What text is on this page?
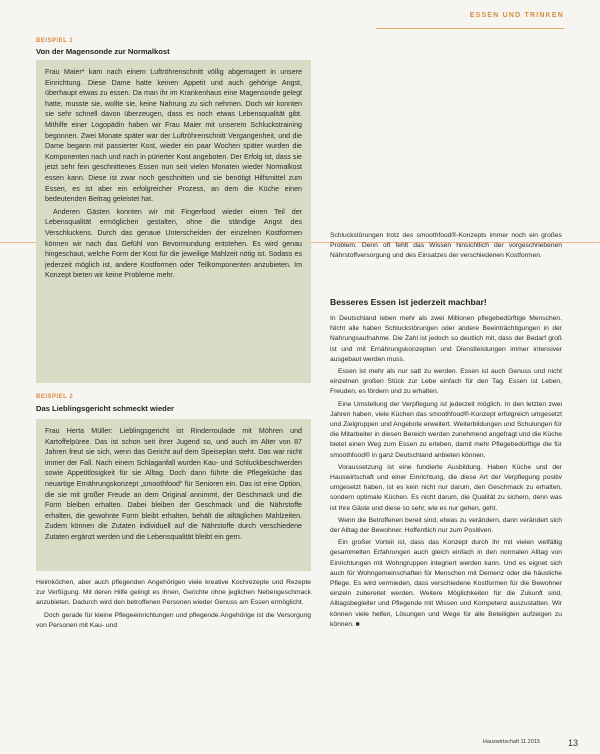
ESSEN UND TRINKEN
BEISPIEL 1
Von der Magensonde zur Normalkost

Frau Maier* kam nach einem Luftröhrenschnitt völlig abgemagert in unsere Einrichtung. Diese Dame hatte keinen Appetit und auch gehörige Angst, überhaupt etwas zu essen. Da man ihr im Krankenhaus eine Magensonde gelegt hatte, musste sie, wollte sie, keine Nahrung zu sich nehmen. Doch wir konnten sie sehr schnell davon überzeugen, dass es noch etwas Lebensqualität gibt. Mithilfe einer Logopädin haben wir Frau Maier mit unserem Schluckstraining begonnen. Zwei Monate später war der Luftröhrenschnitt Vergangenheit, und die Dame begann mit passierter Kost, wieder ein paar Wochen später wurden die Komponenten nach und nach in pürierter Kost angeboten. Der Erfolg ist, dass sie jetzt sehr fein geschnittenes Essen nun seit vielen Monaten wieder Normalkost essen kann. Diese ist zwar noch geschnitten und sie benötigt Hilfsmittel zum Essen, es ist aber ein erfolgreicher Prozess, an dem die Küche einen bedeutenden Beitrag geleistet hat.

Anderen Gästen konnten wir mit Fingerfood wieder einen Teil der Lebensqualität ermöglichen gestalten, ohne die ständige Angst des Verschluckens. Durch das genaue Unterscheiden der einzelnen Kostformen können wir nach das Gefühl von Bevormundung entstehen. Es wird genau hingeschaut, welche Form der Kost für die jeweilige Mahlzeit nötig ist. Sodass es jederzeit möglich ist, andere Kostformen oder Teilkomponenten anzubieten. Im Konzept bieten wir keine Probleme mehr.

BEISPIEL 2
Das Lieblingsgericht schmeckt wieder

Frau Herta Müller: Lieblingsgericht ist Rinderroulade mit Möhren und Kartoffelpüree. Das ist schon seit ihrer Jugend so, und auch im Alter von 87 Jahren freut sie sich, wenn das Gericht auf dem Speiseplan steht. Das war nicht immer der Fall. Nach einem Schlaganfall wurden Kau- und Schluckbeschwerden sowie Appetitlosigkeit für sie Alltag. Doch dann führte die Pflegeküche das neuartige Ernährungskonzept „smoothfood“ für Senioren ein. Das ist eine Option, die sie mit großer Freude an dem Original annimmt, der Geschmack und die Form bleiben erhalten. Dabei bleiben der Geschmack und die Nährstoffe erhalten, die gewohnte Form bleibt erhalten, behält die alltäglichen Mahlzeiten. Zudem können die Zutaten individuell auf die Nährstoffe durch verschiedene Zutaten ergänzt werden und die Lebensqualität bleibt ein gern.

Heimköchen, aber auch pflegenden Angehörigen viele kreative Kochrezepte und Rezepte zur Verfügung. Mit deren Hilfe gelingt es ihnen, Gerichte ohne jeglichen Nebengeschmack anzubieten. Dadurch wird den betroffenen Personen wieder Genuss am Essen ermöglicht.

Doch gerade für kleine Pflegeeinrichtungen und pflegende Angehörige ist die Versorgung von Personen mit Kau- und

Schluckstörungen trotz des smoothfood®-Konzepts immer noch ein großes Problem. Denn oft fehlt das Wissen hinsichtlich der vorgeschriebenen Nährstoffversorgung und des Einsatzes der verschiedenen Kostformen.

Besseres Essen ist jederzeit machbar!

In Deutschland leben mehr als zwei Millionen pflegebedürftige Menschen. Nicht alle haben Schluckstörungen oder andere Beeinträchtigungen in der Nahrungsaufnahme. Die Zahl ist jedoch so deutlich mit, dass der Bedarf groß ist und mit Ernährungskonzepten und Dienstleistungen immer intensiver ausgebaut werden muss.

Essen ist mehr als nur satt zu werden. Essen ist auch Genuss und nicht einzelnen großen Stück zur Lebe einfach für den Tag. Essen ist Leben, Freuden, es fördern und zu erhalten.

Eine Umstellung der Verpflegung ist jederzeit möglich. In den letzten zwei Jahren haben, viele Küchen das smoothfood®-Konzept erfolgreich umgesetzt und Zielgruppen und Angebote erweitert. Weiterbildungen und Schulungen für die Mitarbeiter in diesen Bereich werden zunehmend angefragt und die Küche bietet einen Weg zum Essen zu erleben, damit mehr Pflegebedürftige die für smoothfood® in ganz Deutschland anbieten können.

Voraussetzung ist eine fundierte Ausbildung. Haben Küche und der Hauswirtschaft und einer Einrichtung, die diese Art der Verpflegung positiv umgesetzt haben, ist es kein nicht nur darum, den Geschmack zu erhalten, sondern optimale Küchen. Es nicht darum, die Qualität zu sichern, denn was ist Ihre Gäste und diese so sehr, wie es nur gehen, geht.

Wenn die Betroffenen bereit sind, etwas zu verändern, dann verändert sich der Alltag der Bewohner. Hoffentlich nur zum Positiven.

Ein großer Vorteil ist, dass das Konzept durch ihr mit vielen vielfältig gesammelten Erfahrungen auch gleich einfach in den normalen Alltag von Einrichtungen mit Wohngruppen integriert werden kann. Und es eignet sich auch für Wohngemeinschaften für Menschen mit Demenz oder die häusliche Pflege. Es wird vermieden, dass verschiedene Kostformen für die Bewohner einzeln zubereitet werden. Weitere Möglichkeiten für die Zukunft sind, Alltagsbegleiter und Pflegende mit Wissen und Kompetenz auszustatten. Wir können viele helfen, Lösungen und Wege für alle Beteiligten aufzeigen zu können. ■

Hauswirtschaft 11.2015	13
